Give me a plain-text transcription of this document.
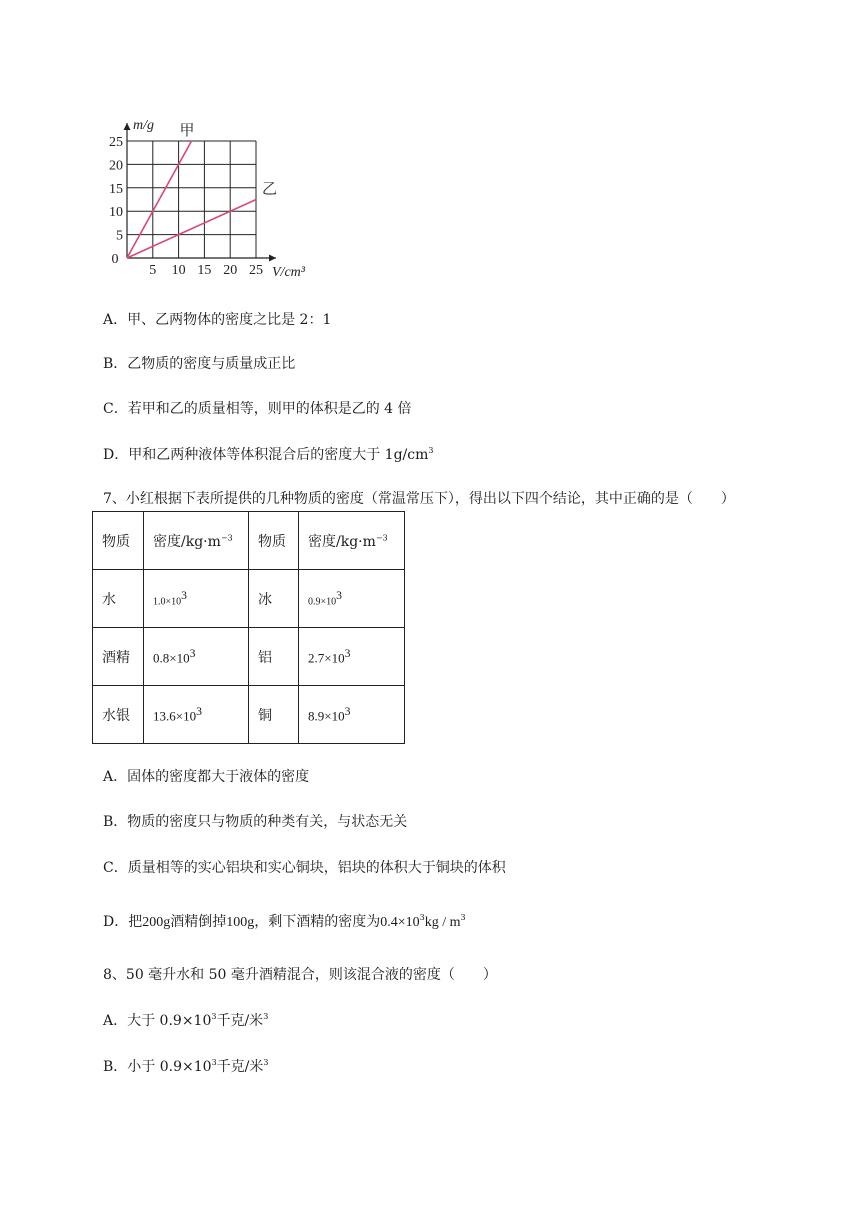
甲
乙
5
10
15
20
25
5 10 15 20 25
0
m/g
V/cm³
A．甲、乙两物体的密度之比是 2：1
B．乙物质的密度与质量成正比
C．若甲和乙的质量相等，则甲的体积是乙的 4 倍
D．甲和乙两种液体等体积混合后的密度大于 $1g/cm^3$
7、小红根据下表所提供的几种物质的密度（常温常压下），得出以下四个结论，其中正确的是（　　）
物质	密度$/kg\cdot m^{-3}$	物质	密度$/kg\cdot m^{-3}$
水	$1.0\times 10^3$	冰	$0.9\times 10^3$
酒精	$0.8\times 10^3$	铝	$2.7\times 10^3$
水银	$13.6\times 10^3$	铜	$8.9\times 10^3$
A．固体的密度都大于液体的密度
B．物质的密度只与物质的种类有关，与状态无关
C．质量相等的实心铝块和实心铜块，铝块的体积大于铜块的体积
D．把200g酒精倒掉100g，剩下酒精的密度为$0.4\times 10^3kg / m^3$
8、50 毫升水和 50 毫升酒精混合，则该混合液的密度（　　）
A．大于 $0.9\times 10^3$千克/米$^3$
B．小于 $0.9\times 10^3$千克/米$^3$
